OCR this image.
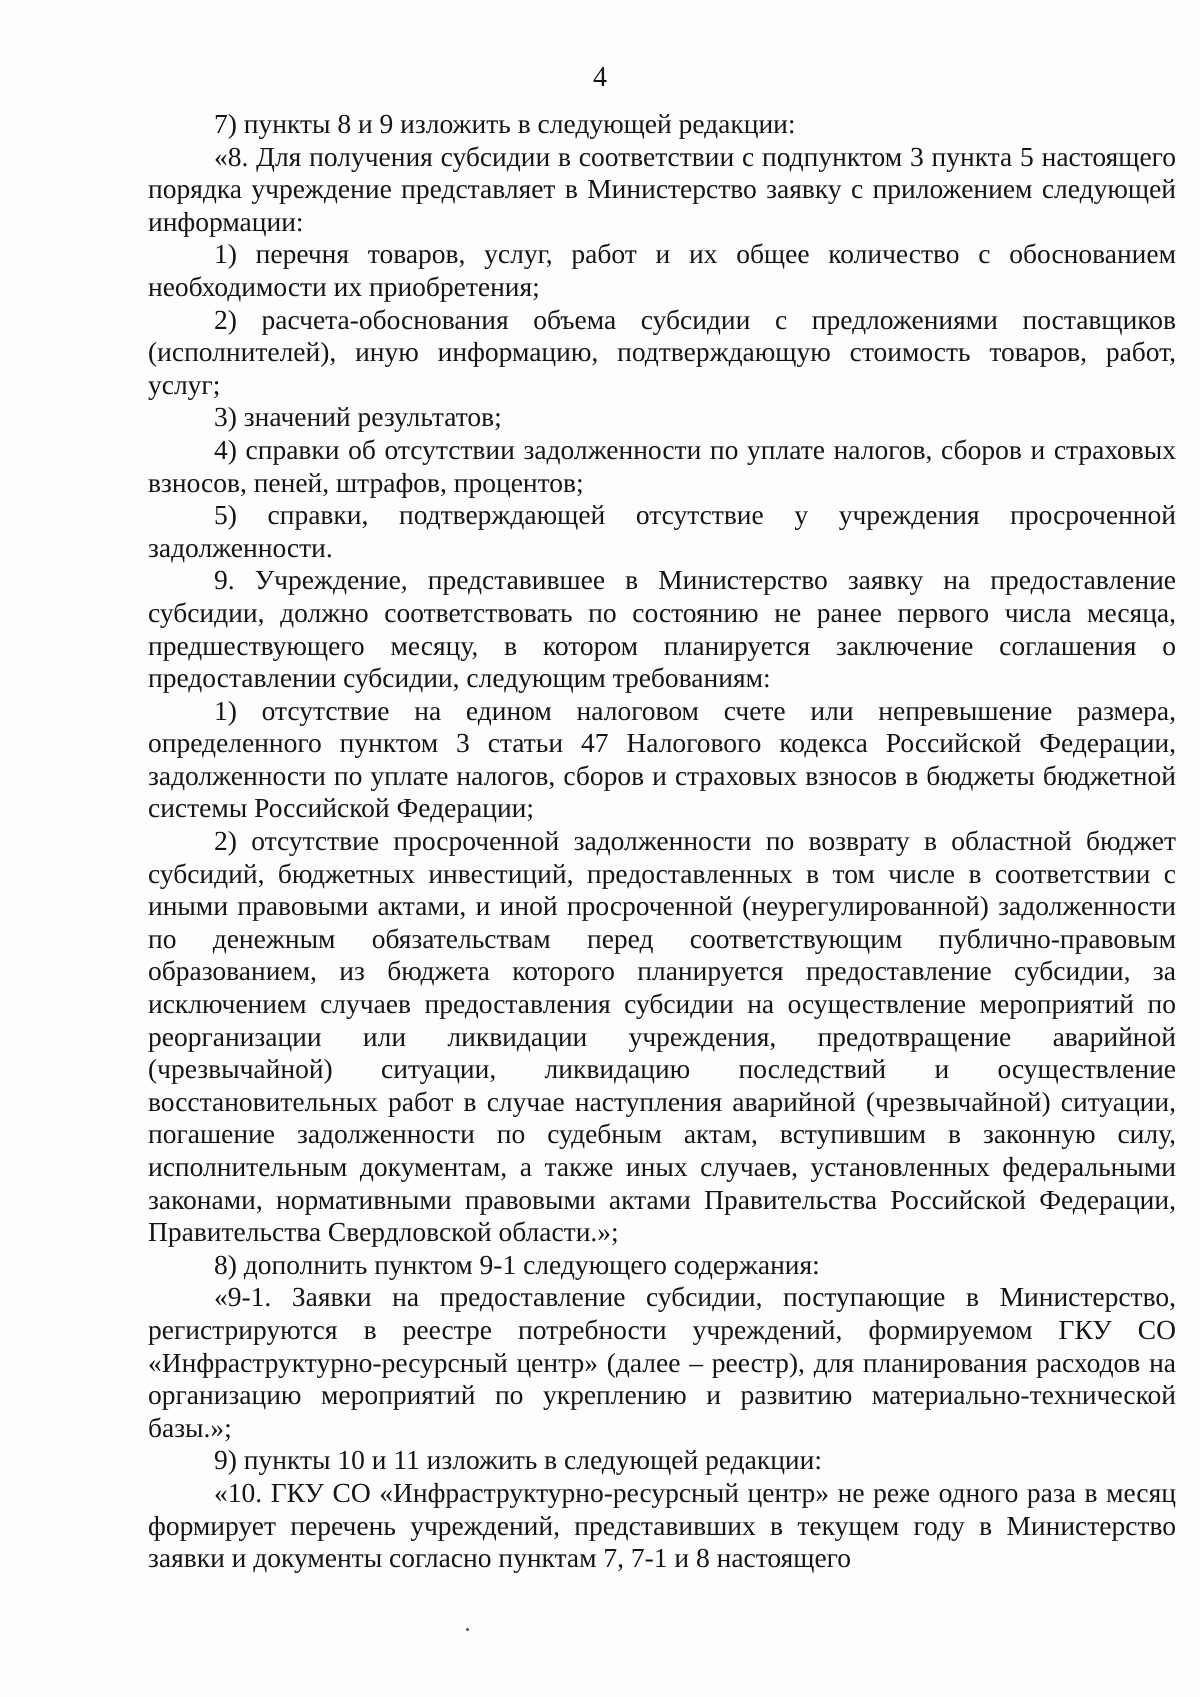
4

7) пункты 8 и 9 изложить в следующей редакции:

«8. Для получения субсидии в соответствии с подпунктом 3 пункта 5 настоящего порядка учреждение представляет в Министерство заявку с приложением следующей информации:

1) перечня товаров, услуг, работ и их общее количество с обоснованием необходимости их приобретения;

2) расчета-обоснования объема субсидии с предложениями поставщиков (исполнителей), иную информацию, подтверждающую стоимость товаров, работ, услуг;

3) значений результатов;

4) справки об отсутствии задолженности по уплате налогов, сборов и страховых взносов, пеней, штрафов, процентов;

5) справки, подтверждающей отсутствие у учреждения просроченной задолженности.

9. Учреждение, представившее в Министерство заявку на предоставление субсидии, должно соответствовать по состоянию не ранее первого числа месяца, предшествующего месяцу, в котором планируется заключение соглашения о предоставлении субсидии, следующим требованиям:

1) отсутствие на едином налоговом счете или непревышение размера, определенного пунктом 3 статьи 47 Налогового кодекса Российской Федерации, задолженности по уплате налогов, сборов и страховых взносов в бюджеты бюджетной системы Российской Федерации;

2) отсутствие просроченной задолженности по возврату в областной бюджет субсидий, бюджетных инвестиций, предоставленных в том числе в соответствии с иными правовыми актами, и иной просроченной (неурегулированной) задолженности по денежным обязательствам перед соответствующим публично-правовым образованием, из бюджета которого планируется предоставление субсидии, за исключением случаев предоставления субсидии на осуществление мероприятий по реорганизации или ликвидации учреждения, предотвращение аварийной (чрезвычайной) ситуации, ликвидацию последствий и осуществление восстановительных работ в случае наступления аварийной (чрезвычайной) ситуации, погашение задолженности по судебным актам, вступившим в законную силу, исполнительным документам, а также иных случаев, установленных федеральными законами, нормативными правовыми актами Правительства Российской Федерации, Правительства Свердловской области.»;

8) дополнить пунктом 9-1 следующего содержания:

«9-1. Заявки на предоставление субсидии, поступающие в Министерство, регистрируются в реестре потребности учреждений, формируемом ГКУ СО «Инфраструктурно-ресурсный центр» (далее – реестр), для планирования расходов на организацию мероприятий по укреплению и развитию материально-технической базы.»;

9) пункты 10 и 11 изложить в следующей редакции:

«10. ГКУ СО «Инфраструктурно-ресурсный центр» не реже одного раза в месяц формирует перечень учреждений, представивших в текущем году в Министерство заявки и документы согласно пунктам 7, 7-1 и 8 настоящего
